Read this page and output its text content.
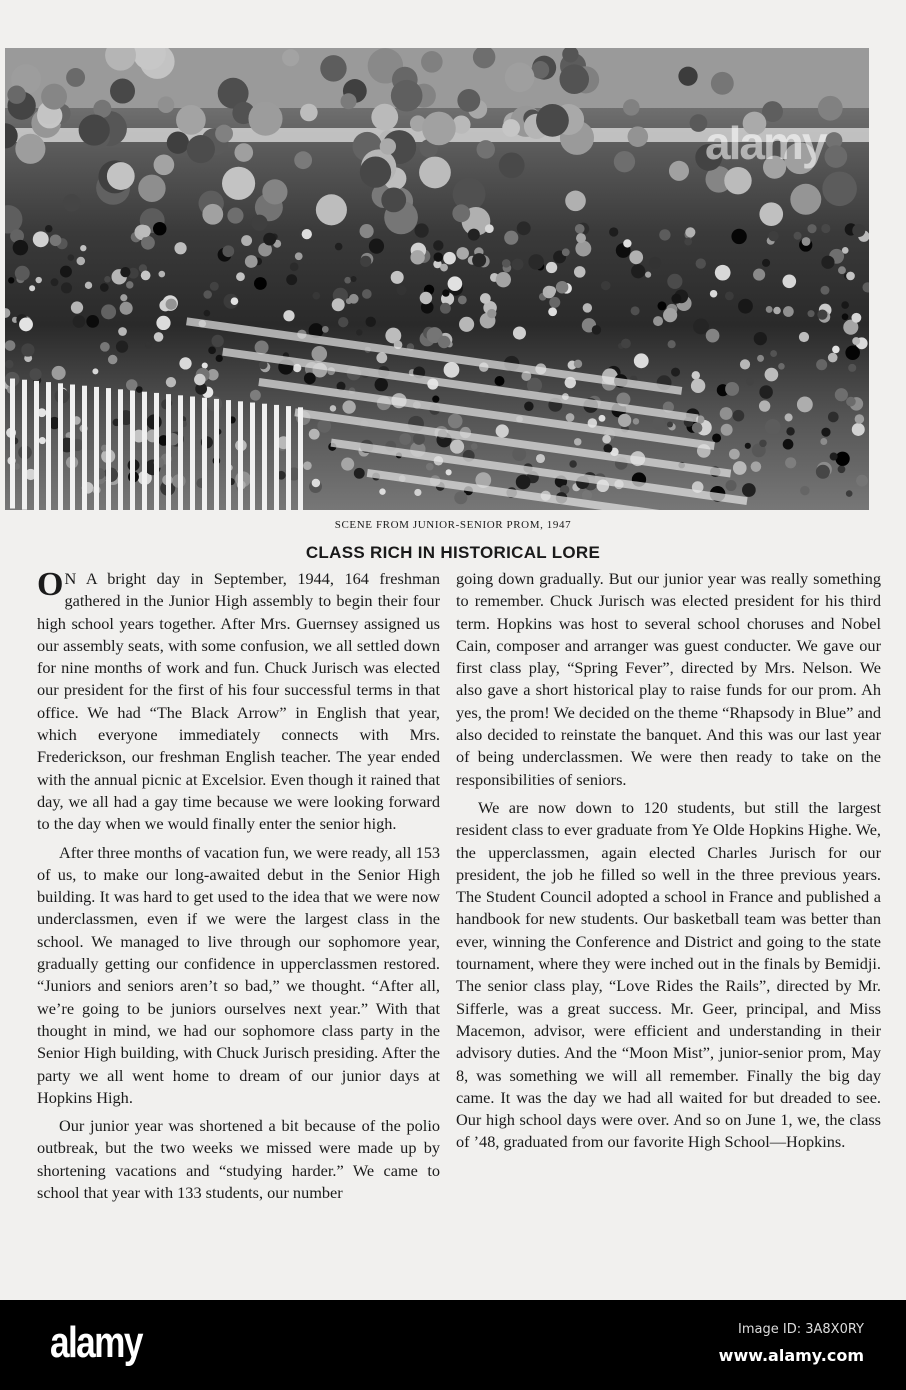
alamy
SCENE FROM JUNIOR-SENIOR PROM, 1947
CLASS RICH IN HISTORICAL LORE

O N A bright day in September, 1944, 164 freshman gathered in the Junior High assembly to begin their four high school years together. After Mrs. Guernsey assigned us our assembly seats, with some confusion, we all settled down for nine months of work and fun. Chuck Jurisch was elected our president for the first of his four successful terms in that office. We had “The Black Arrow” in English that year, which everyone immediately connects with Mrs. Frederickson, our freshman English teacher. The year ended with the annual picnic at Excelsior. Even though it rained that day, we all had a gay time because we were looking forward to the day when we would finally enter the senior high.

After three months of vacation fun, we were ready, all 153 of us, to make our long-awaited debut in the Senior High building. It was hard to get used to the idea that we were now underclassmen, even if we were the largest class in the school. We managed to live through our sophomore year, gradually getting our confidence in upperclassmen restored. “Juniors and seniors aren’t so bad,” we thought. “After all, we’re going to be juniors ourselves next year.” With that thought in mind, we had our sophomore class party in the Senior High building, with Chuck Jurisch presiding. After the party we all went home to dream of our junior days at Hopkins High.

Our junior year was shortened a bit because of the polio outbreak, but the two weeks we missed were made up by shortening vacations and “studying harder.” We came to school that year with 133 students, our number

going down gradually. But our junior year was really something to remember. Chuck Jurisch was elected president for his third term. Hopkins was host to several school choruses and Nobel Cain, composer and arranger was guest conducter. We gave our first class play, “Spring Fever”, directed by Mrs. Nelson. We also gave a short historical play to raise funds for our prom. Ah yes, the prom! We decided on the theme “Rhapsody in Blue” and also decided to reinstate the banquet. And this was our last year of being underclassmen. We were then ready to take on the responsibilities of seniors.

We are now down to 120 students, but still the largest resident class to ever graduate from Ye Olde Hopkins Highe. We, the upperclassmen, again elected Charles Jurisch for our president, the job he filled so well in the three previous years. The Student Council adopted a school in France and published a handbook for new students. Our basketball team was better than ever, winning the Conference and District and going to the state tournament, where they were inched out in the finals by Bemidji. The senior class play, “Love Rides the Rails”, directed by Mr. Sifferle, was a great success. Mr. Geer, principal, and Miss Macemon, advisor, were efficient and understanding in their advisory duties. And the “Moon Mist”, junior-senior prom, May 8, was something we will all remember. Finally the big day came. It was the day we had all waited for but dreaded to see. Our high school days were over. And so on June 1, we, the class of ’48, graduated from our favorite High School—Hopkins.

alamy	Image ID: 3A8X0RY
www.alamy.com
